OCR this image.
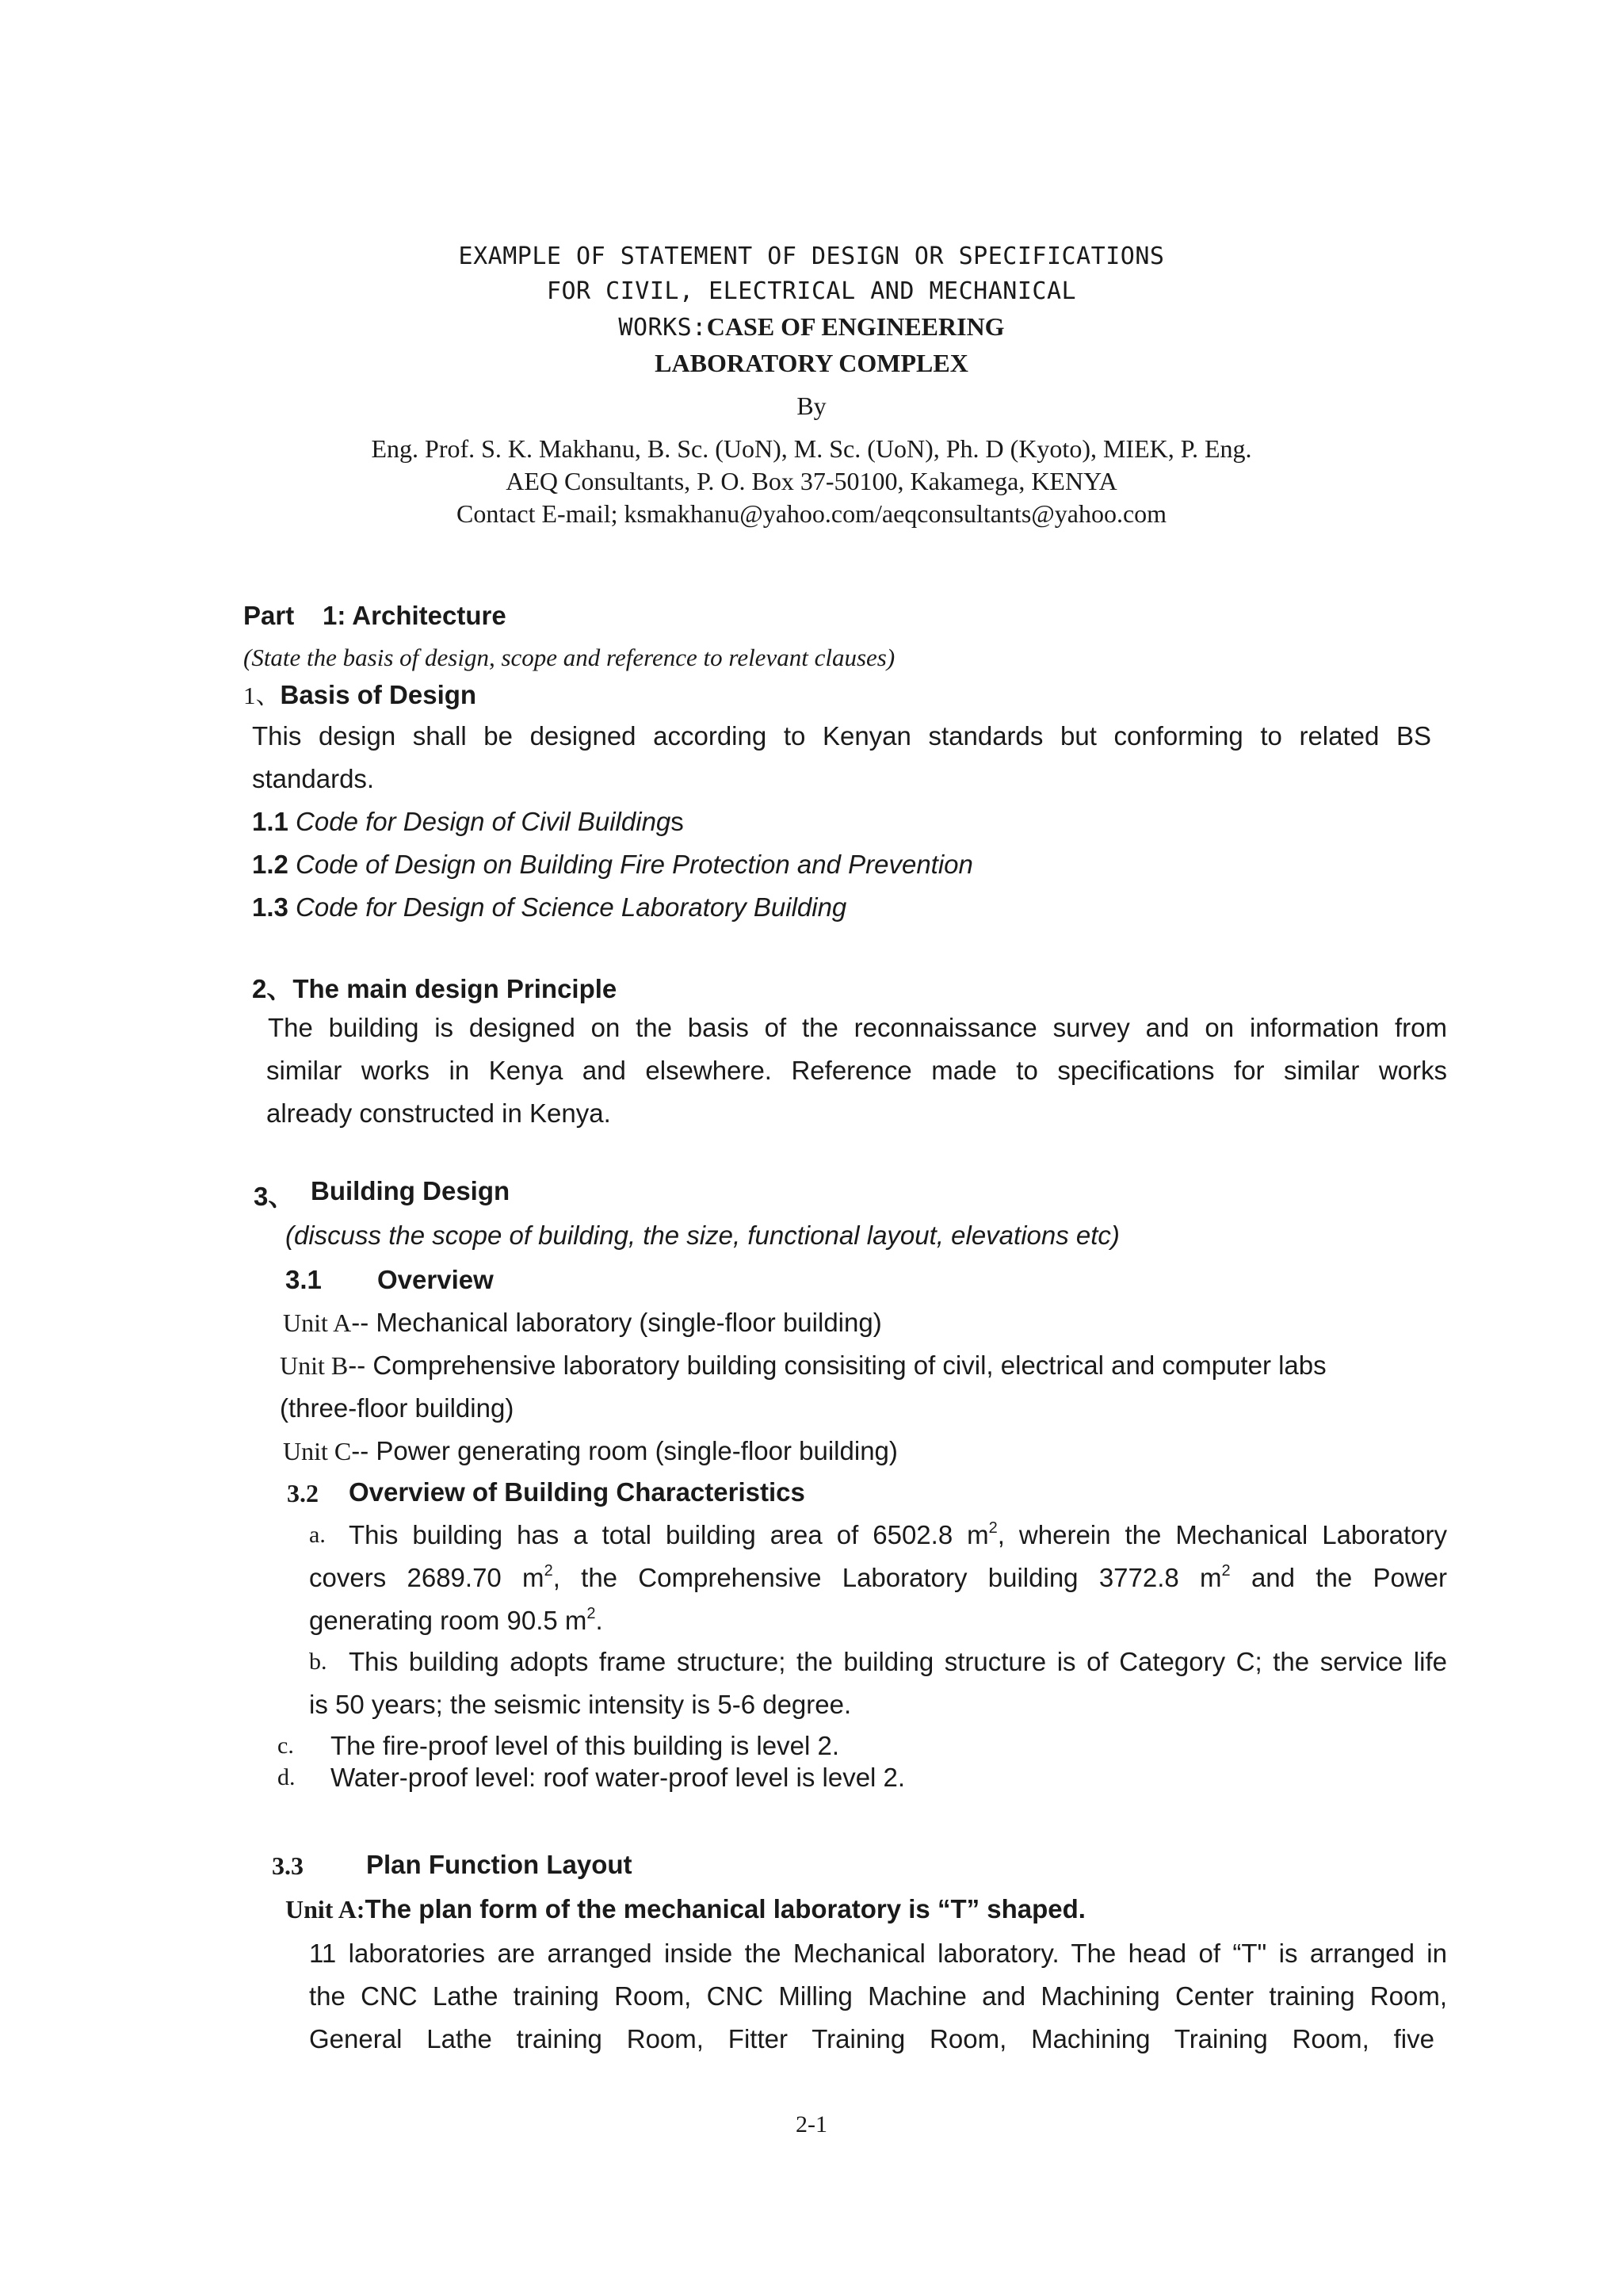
EXAMPLE OF STATEMENT OF DESIGN OR SPECIFICATIONS
FOR CIVIL, ELECTRICAL AND MECHANICAL
WORKS:CASE OF ENGINEERING
LABORATORY COMPLEX
By
Eng. Prof. S. K. Makhanu, B. Sc. (UoN), M. Sc. (UoN), Ph. D (Kyoto), MIEK, P. Eng.
AEQ Consultants, P. O. Box 37-50100, Kakamega, KENYA
Contact E-mail; ksmakhanu@yahoo.com/aeqconsultants@yahoo.com
Part 1: Architecture
(State the basis of design, scope and reference to relevant clauses)
1、Basis of Design
This design shall be designed according to Kenyan standards but conforming to related BS
standards.
1.1 Code for Design of Civil Buildings
1.2 Code of Design on Building Fire Protection and Prevention
1.3 Code for Design of Science Laboratory Building
2、The main design Principle
The building is designed on the basis of the reconnaissance survey and on information from
similar works in Kenya and elsewhere. Reference made to specifications for similar works
already constructed in Kenya.
3、 Building Design
(discuss the scope of building, the size, functional layout, elevations etc)
3.1 Overview
Unit A-- Mechanical laboratory (single-floor building)
Unit B-- Comprehensive laboratory building consisiting of civil, electrical and computer labs
(three-floor building)
Unit C-- Power generating room (single-floor building)
3.2 Overview of Building Characteristics
a. This building has a total building area of 6502.8 $m^2$, wherein the Mechanical Laboratory
covers 2689.70 $m^2$, the Comprehensive Laboratory building 3772.8 $m^2$ and the Power
generating room 90.5 $m^2$.
b. This building adopts frame structure; the building structure is of Category C; the service life
is 50 years; the seismic intensity is 5-6 degree.
c. The fire-proof level of this building is level 2.
d. Water-proof level: roof water-proof level is level 2.
3.3 Plan Function Layout
Unit A:The plan form of the mechanical laboratory is “T” shaped.
11 laboratories are arranged inside the Mechanical laboratory. The head of “T" is arranged in
the CNC Lathe training Room, CNC Milling Machine and Machining Center training Room,
General Lathe training Room, Fitter Training Room, Machining Training Room, five
2-1
